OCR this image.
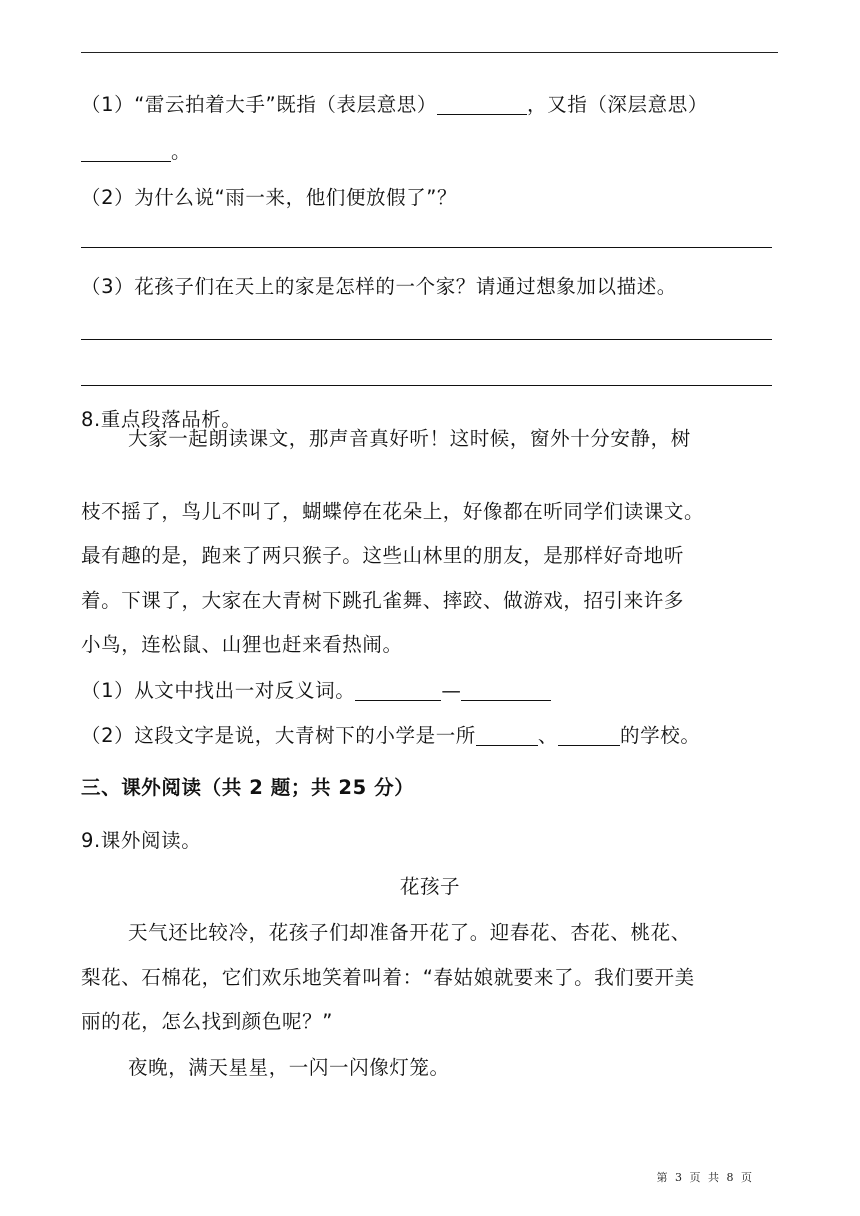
（1）“雷云拍着大手”既指（表层意思）	，又指（深层意思）
。
（2）为什么说“雨一来，他们便放假了”？
（3）花孩子们在天上的家是怎样的一个家？请通过想象加以描述。
8.重点段落品析。
大家一起朗读课文，那声音真好听！这时候，窗外十分安静，树
枝不摇了，鸟儿不叫了，蝴蝶停在花朵上，好像都在听同学们读课文。
最有趣的是，跑来了两只猴子。这些山林里的朋友，是那样好奇地听
着。下课了，大家在大青树下跳孔雀舞、摔跤、做游戏，招引来许多
小鸟，连松鼠、山狸也赶来看热闹。
（1）从文中找出一对反义词。	—
（2）这段文字是说，大青树下的小学是一所	、	的学校。
三、课外阅读（共 2 题；共 25 分）
9.课外阅读。
花孩子
天气还比较冷，花孩子们却准备开花了。迎春花、杏花、桃花、
梨花、石棉花，它们欢乐地笑着叫着：“春姑娘就要来了。我们要开美
丽的花，怎么找到颜色呢？”
夜晚，满天星星，一闪一闪像灯笼。
第 3 页 共 8 页
